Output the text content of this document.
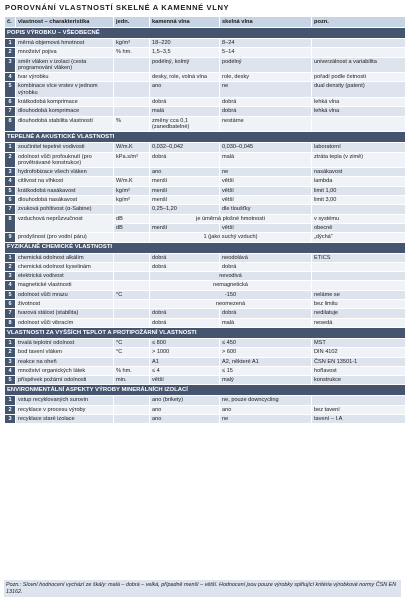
POROVNÁNÍ VLASTNOSTÍ SKELNÉ A KAMENNÉ VLNY
č.	vlastnost – charakteristika	jedn.	kamenná vlna	skelná vlna	pozn.
POPIS VÝROBKU – VŠEOBECNĚ					
1	měrná objemová hmotnost	kg/m³	18–220	8–24	
2	množství pojiva	% hm.	1,5–3,5	5–14	
3	směr vláken v izolaci (cesta programování vláken)		podélný, kolmý	podélný	univerzálnost a variabilita
4	tvar výrobku		desky, role, volná vlna	role, desky	pořadí podle četnosti
5	kombinace více vrstev v jednom výrobku		ano	ne	dual density (patent)
6	krátkodobá komprimace		dobrá	dobrá	lehká vlna
7	dlouhodobá komprimace		malá	dobrá	lehká vlna
8	dlouhodobá stabilita vlastností	%	změny cca 0,1 (zanedbatelné)	nestárne	
TEPELNÉ A AKUSTICKÉ VLASTNOSTI					
1	součinitel tepelné vodivosti	W/m.K	0,032–0,042	0,030–0,045	laboratorní
2	odolnost vůči profouknutí (pro provětrávané konstrukce)	kPa.s/m²	dobrá	malá	ztráta tepla (v zimě)
3	hydrofobizace všech vláken		ano	ne	nasákavost
4	citlivost na vlhkost	W/m.K	menší	větší	lambda
5	krátkodobá nasákavost	kg/m²	menší	větší	limit 1,00
6	dlouhodobá nasákavost	kg/m²	menší	větší	limit 3,00
7	zvuková pohltivost (α-Sabine)		0,25–1,20	dle tloušťky	
8	vzduchová neprůzvučnost	dB	je úměrná plošné hmotnosti		v systému
		dB	menší	větší	obecně
9	prodyšnost (pro vodní páru)		1 (jako suchý vzduch)		„dýchá“
FYZIKÁLNĚ CHEMICKÉ VLASTNOSTI					
1	chemická odolnost alkálím		dobrá	neodolává	ETICS
2	chemická odolnost kyselinám		dobrá	dobrá	
3	elektrická vodivost		nevodivá		
4	magnetické vlastnosti		nemagnetická		
5	odolnost vůči mrazu	°C	-150		neláme se
6	životnost		neomezená		bez limitu
7	tvarová stálost (stabilita)		dobrá	dobrá	nedilatuje
8	odolnost vůči vibracím		dobrá	malá	nesedá
VLASTNOSTI ZA VYŠŠÍCH TEPLOT A PROTIPOŽÁRNÍ VLASTNOSTI					
1	trvalá teplotní odolnost	°C	≤ 800	≤ 450	MST
2	bod tavení vláken	°C	> 1000	> 600	DIN 4102
3	reakce na oheň		A1	A2, některé A1	ČSN EN 13501-1
4	množství organických látek	% hm.	≤ 4	≤ 15	hořlavost
5	příspěvek požární odolnosti	min.	větší	malý	konstrukce
ENVIRONMENTÁLNÍ ASPEKTY VÝROBY MINERÁLNÍCH IZOLACÍ					
1	vstup recyklovaných surovin		ano (brikety)	ne, pouze downcycling	
2	recyklace v procesu výroby		ano	ano	bez tavení
3	recyklace staré izolace		ano	ne	tavení – I.A
Pozn.: Slovní hodnocení vychází ze škály: malá – dobrá – velká, případně menší – větší. Hodnocení jsou pouze výrobky splňující kritéria výrobkové normy ČSN EN 13162.
